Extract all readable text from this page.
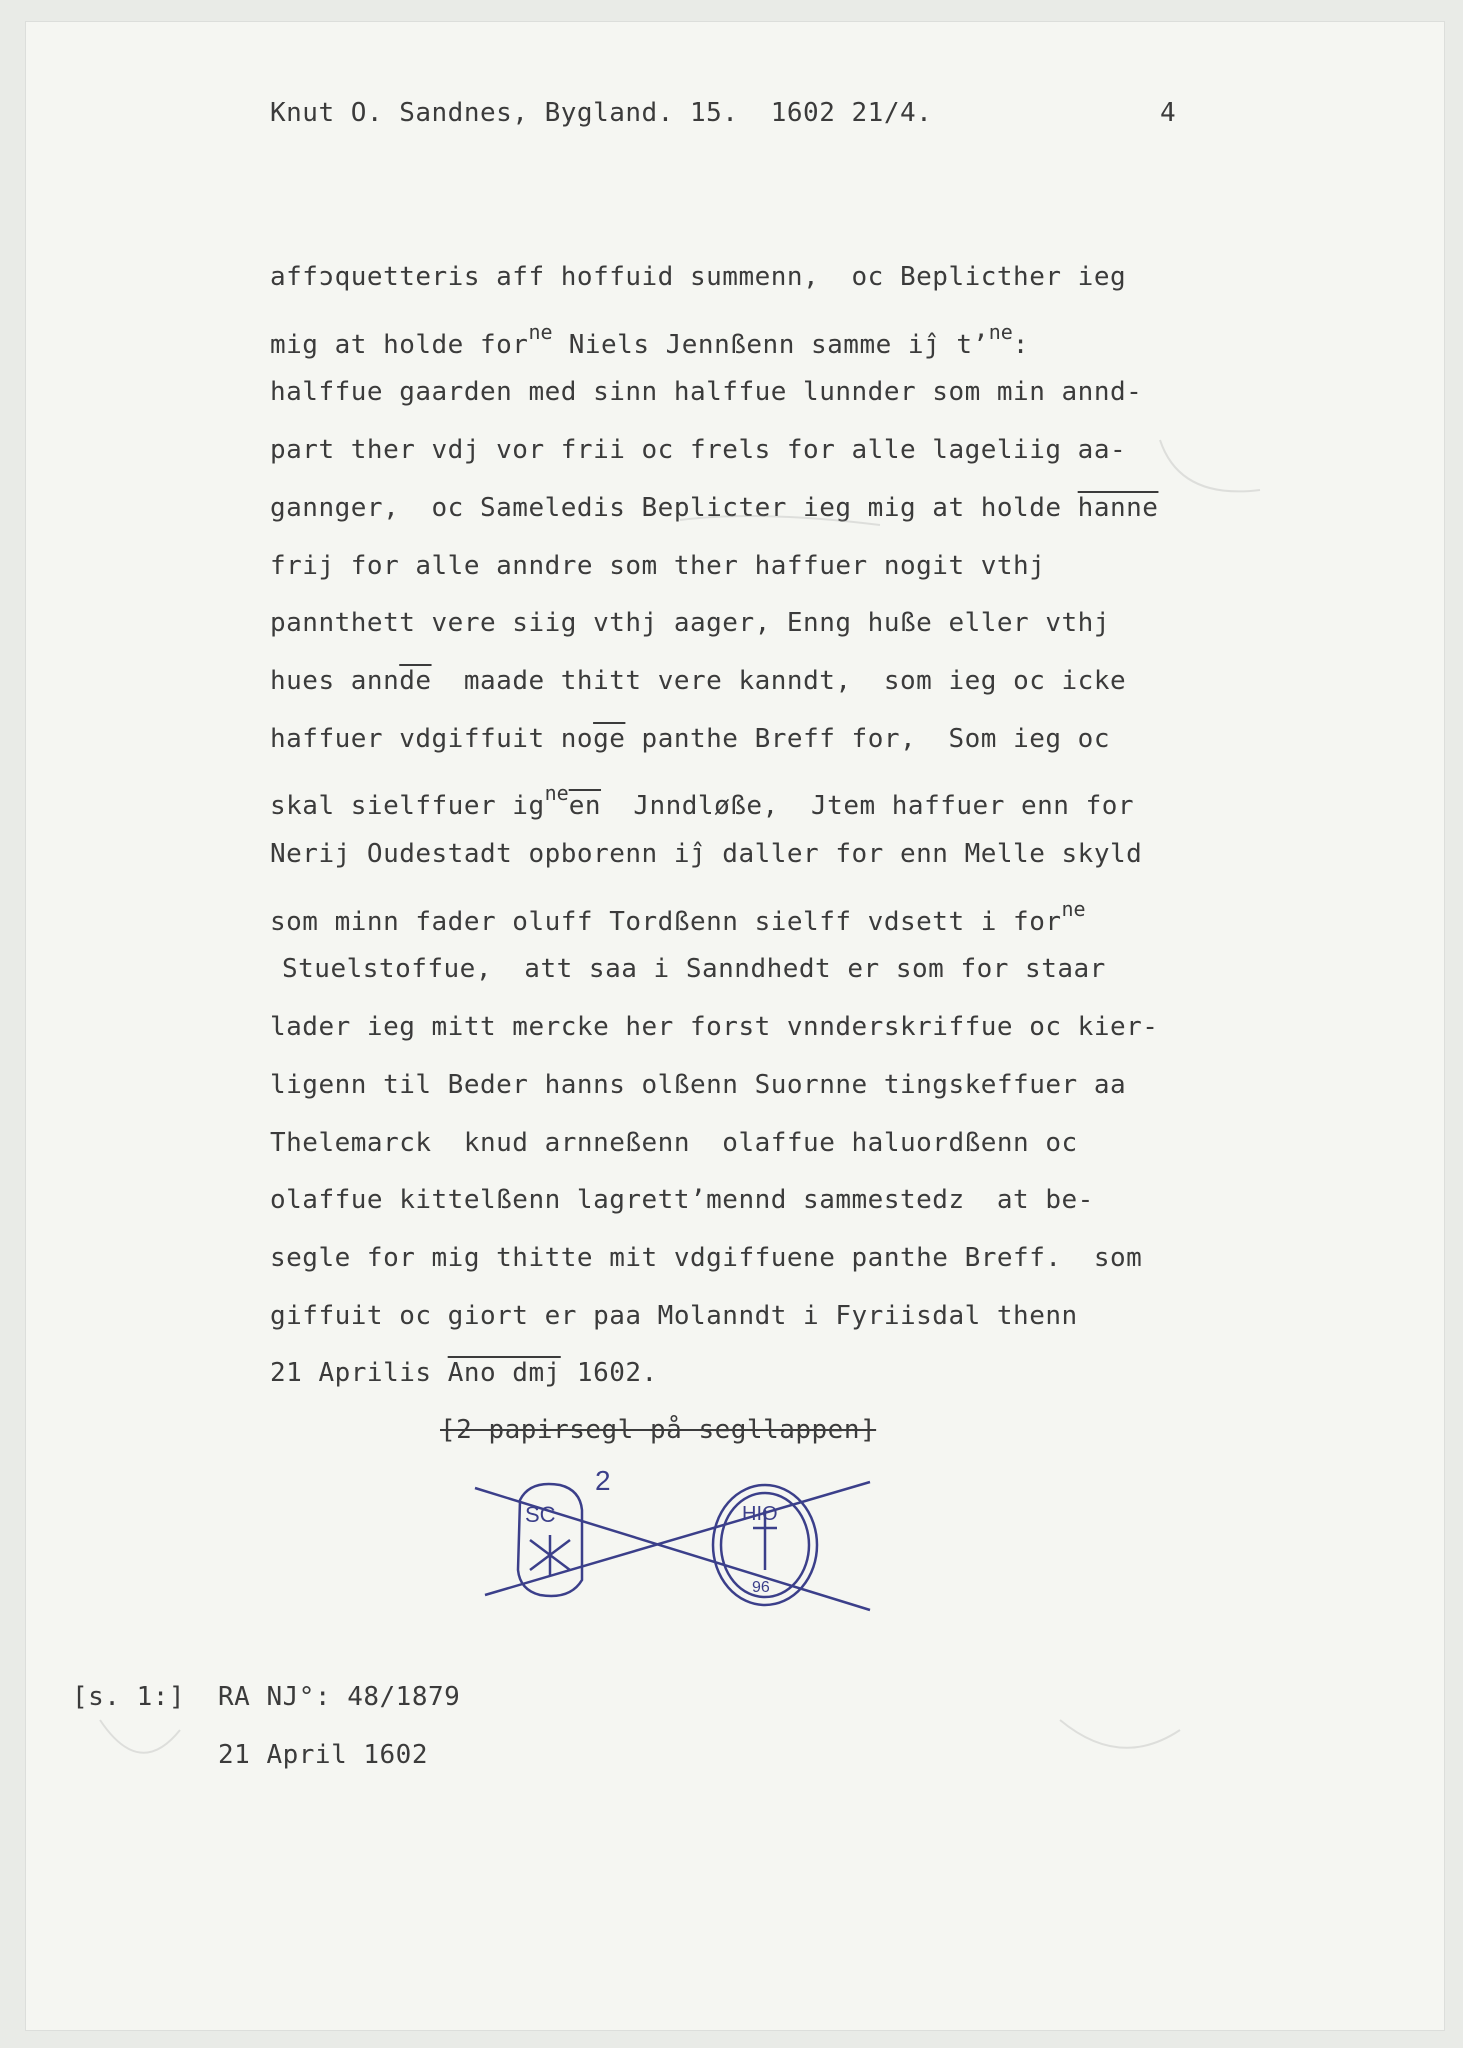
Knut O. Sandnes, Bygland. 15.  1602 21/4.	4
affɔquetteris aff hoffuid summenn,  oc Beplicther ieg
mig at holde for$^{ne}$ Niels Jennßenn samme iĵ t’$^{ne}$:
halffue gaarden med sinn halffue lunnder som min annd-
part ther vdj vor frii oc frels for alle lageliig aa-
gannger,  oc Sameledis Beplicter ieg mig at holde hanne
frij for alle anndre som ther haffuer nogit vthj
pannthett vere siig vthj aager, Enng hußе eller vthj
hues $ann\overline{de}$  maade thitt vere kanndt,  som ieg oc icke
haffuer vdgiffuit $no\overline{ge}$ panthe Breff for,  Som ieg oc
skal sielffuer $ig^{ne}\overline{en}$  Jnndløße,  Jtem haffuer enn for
Nerij Oudestadt opborenn iĵ daller for enn Melle skyld
som minn fader oluff Tordßenn sielff vdsett i for$^{ne}$
Stuelstoffue,  att saa i Sanndhedt er som for staar
lader ieg mitt mercke her forst vnnderskriffue oc kier-
ligenn til Beder hanns olßenn Suornne tingskeffuer aa
Thelemarck  knud arnneßenn  olaffue haluordßenn oc
olaffue kittelßenn lagrett’mennd sammestedz  at be-
segle for mig thitte mit vdgiffuene panthe Breff.  som
giffuit oc giort er paa Molanndt i Fyriisdal thenn
21 Aprilis Ano dmj 1602.
[2 papirsegl på segllappen]
2
SC	HIO
96
[s. 1:] RA NJ°: 48/1879
21 April 1602
